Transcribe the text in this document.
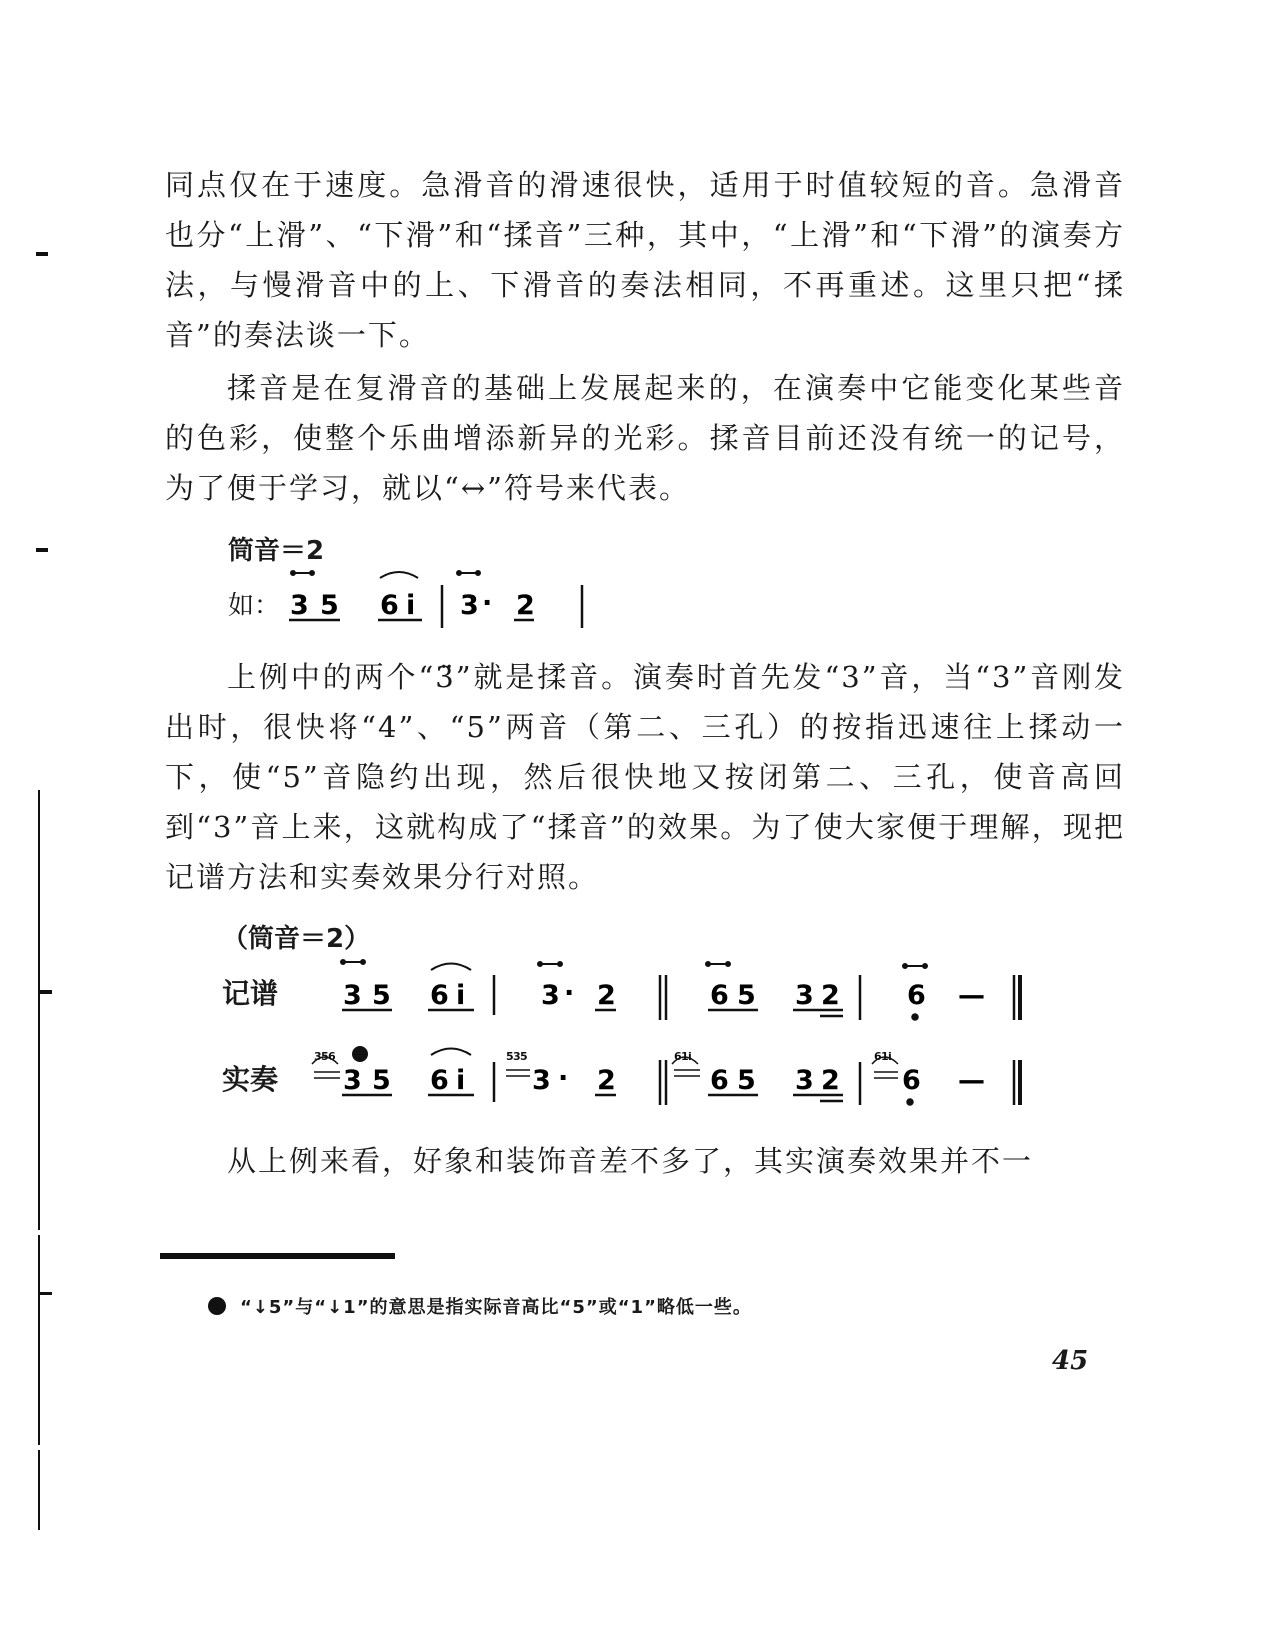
同点仅在于速度。急滑音的滑速很快，适用于时值较短的音。急滑音也分“上滑”、“下滑”和“揉音”三种，其中，“上滑”和“下滑”的演奏方法，与慢滑音中的上、下滑音的奏法相同，不再重述。这里只把“揉音”的奏法谈一下。

揉音是在复滑音的基础上发展起来的，在演奏中它能变化某些音的色彩，使整个乐曲增添新异的光彩。揉音目前还没有统一的记号，为了便于学习，就以“↔”符号来代表。

筒音＝2
如：

上例中的两个“3̈”就是揉音。演奏时首先发“3”音，当“3”音刚发出时，很快将“4”、“5”两音（第二、三孔）的按指迅速往上揉动一下，使“5”音隐约出现，然后很快地又按闭第二、三孔，使音高回到“3”音上来，这就构成了“揉音”的效果。为了使大家便于理解，现把记谱方法和实奏效果分行对照。

（筒音＝2）
记谱
实奏

从上例来看，好象和装饰音差不多了，其实演奏效果并不一

“↓5”与“↓1”的意思是指实际音高比“5”或“1”略低一些。
45
3 5 6 i 3 · 2
3 5 6 i	3 · 2	6 5 3 2 6 —
3 5 6	5 3 5	6 1 i	6 1 i
3 5 6 i 3 · 2	6 5 3 2 6 —
